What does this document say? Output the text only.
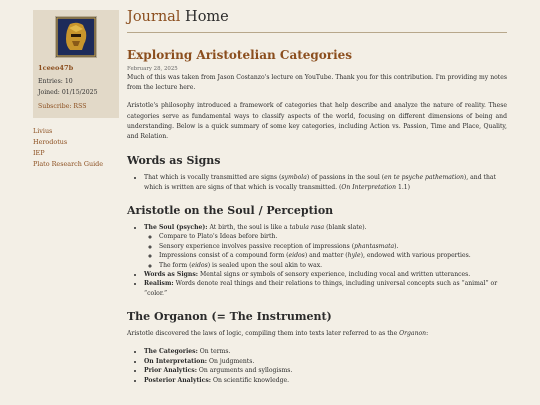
1ceeo47b
Entries: 10
Joined: 01/15/2025
Subscribe: RSS
Livius
Herodotus
IEP
Plato Research Guide
Journal Home
Exploring Aristotelian Categories
February 28, 2025

Much of this was taken from Jason Costanzo's lecture on YouTube. Thank you for this contribution. I'm providing my notes from the lecture here.

Aristotle's philosophy introduced a framework of categories that help describe and analyze the nature of reality. These categories serve as fundamental ways to classify aspects of the world, focusing on different dimensions of being and understanding. Below is a quick summary of some key categories, including Action vs. Passion, Time and Place, Quality, and Relation.

Words as Signs
• That which is vocally transmitted are signs (symbola) of passions in the soul (en te psyche pathemation), and that which is written are signs of that which is vocally transmitted. (On Interpretation 1.1)
Aristotle on the Soul / Perception
• The Soul (psyche): At birth, the soul is like a tabula rasa (blank slate).
◦ Compare to Plato's Ideas before birth.
◦ Sensory experience involves passive reception of impressions (phantasmata).
◦ Impressions consist of a compound form (eidos) and matter (hyle), endowed with various properties.
◦ The form (eidos) is sealed upon the soul akin to wax.
• Words as Signs: Mental signs or symbols of sensory experience, including vocal and written utterances.
• Realism: Words denote real things and their relations to things, including universal concepts such as “animal” or “color.”
The Organon (= The Instrument)

Aristotle discovered the laws of logic, compiling them into texts later referred to as the Organon:

• The Categories: On terms.
• On Interpretation: On judgments.
• Prior Analytics: On arguments and syllogisms.
• Posterior Analytics: On scientific knowledge.
